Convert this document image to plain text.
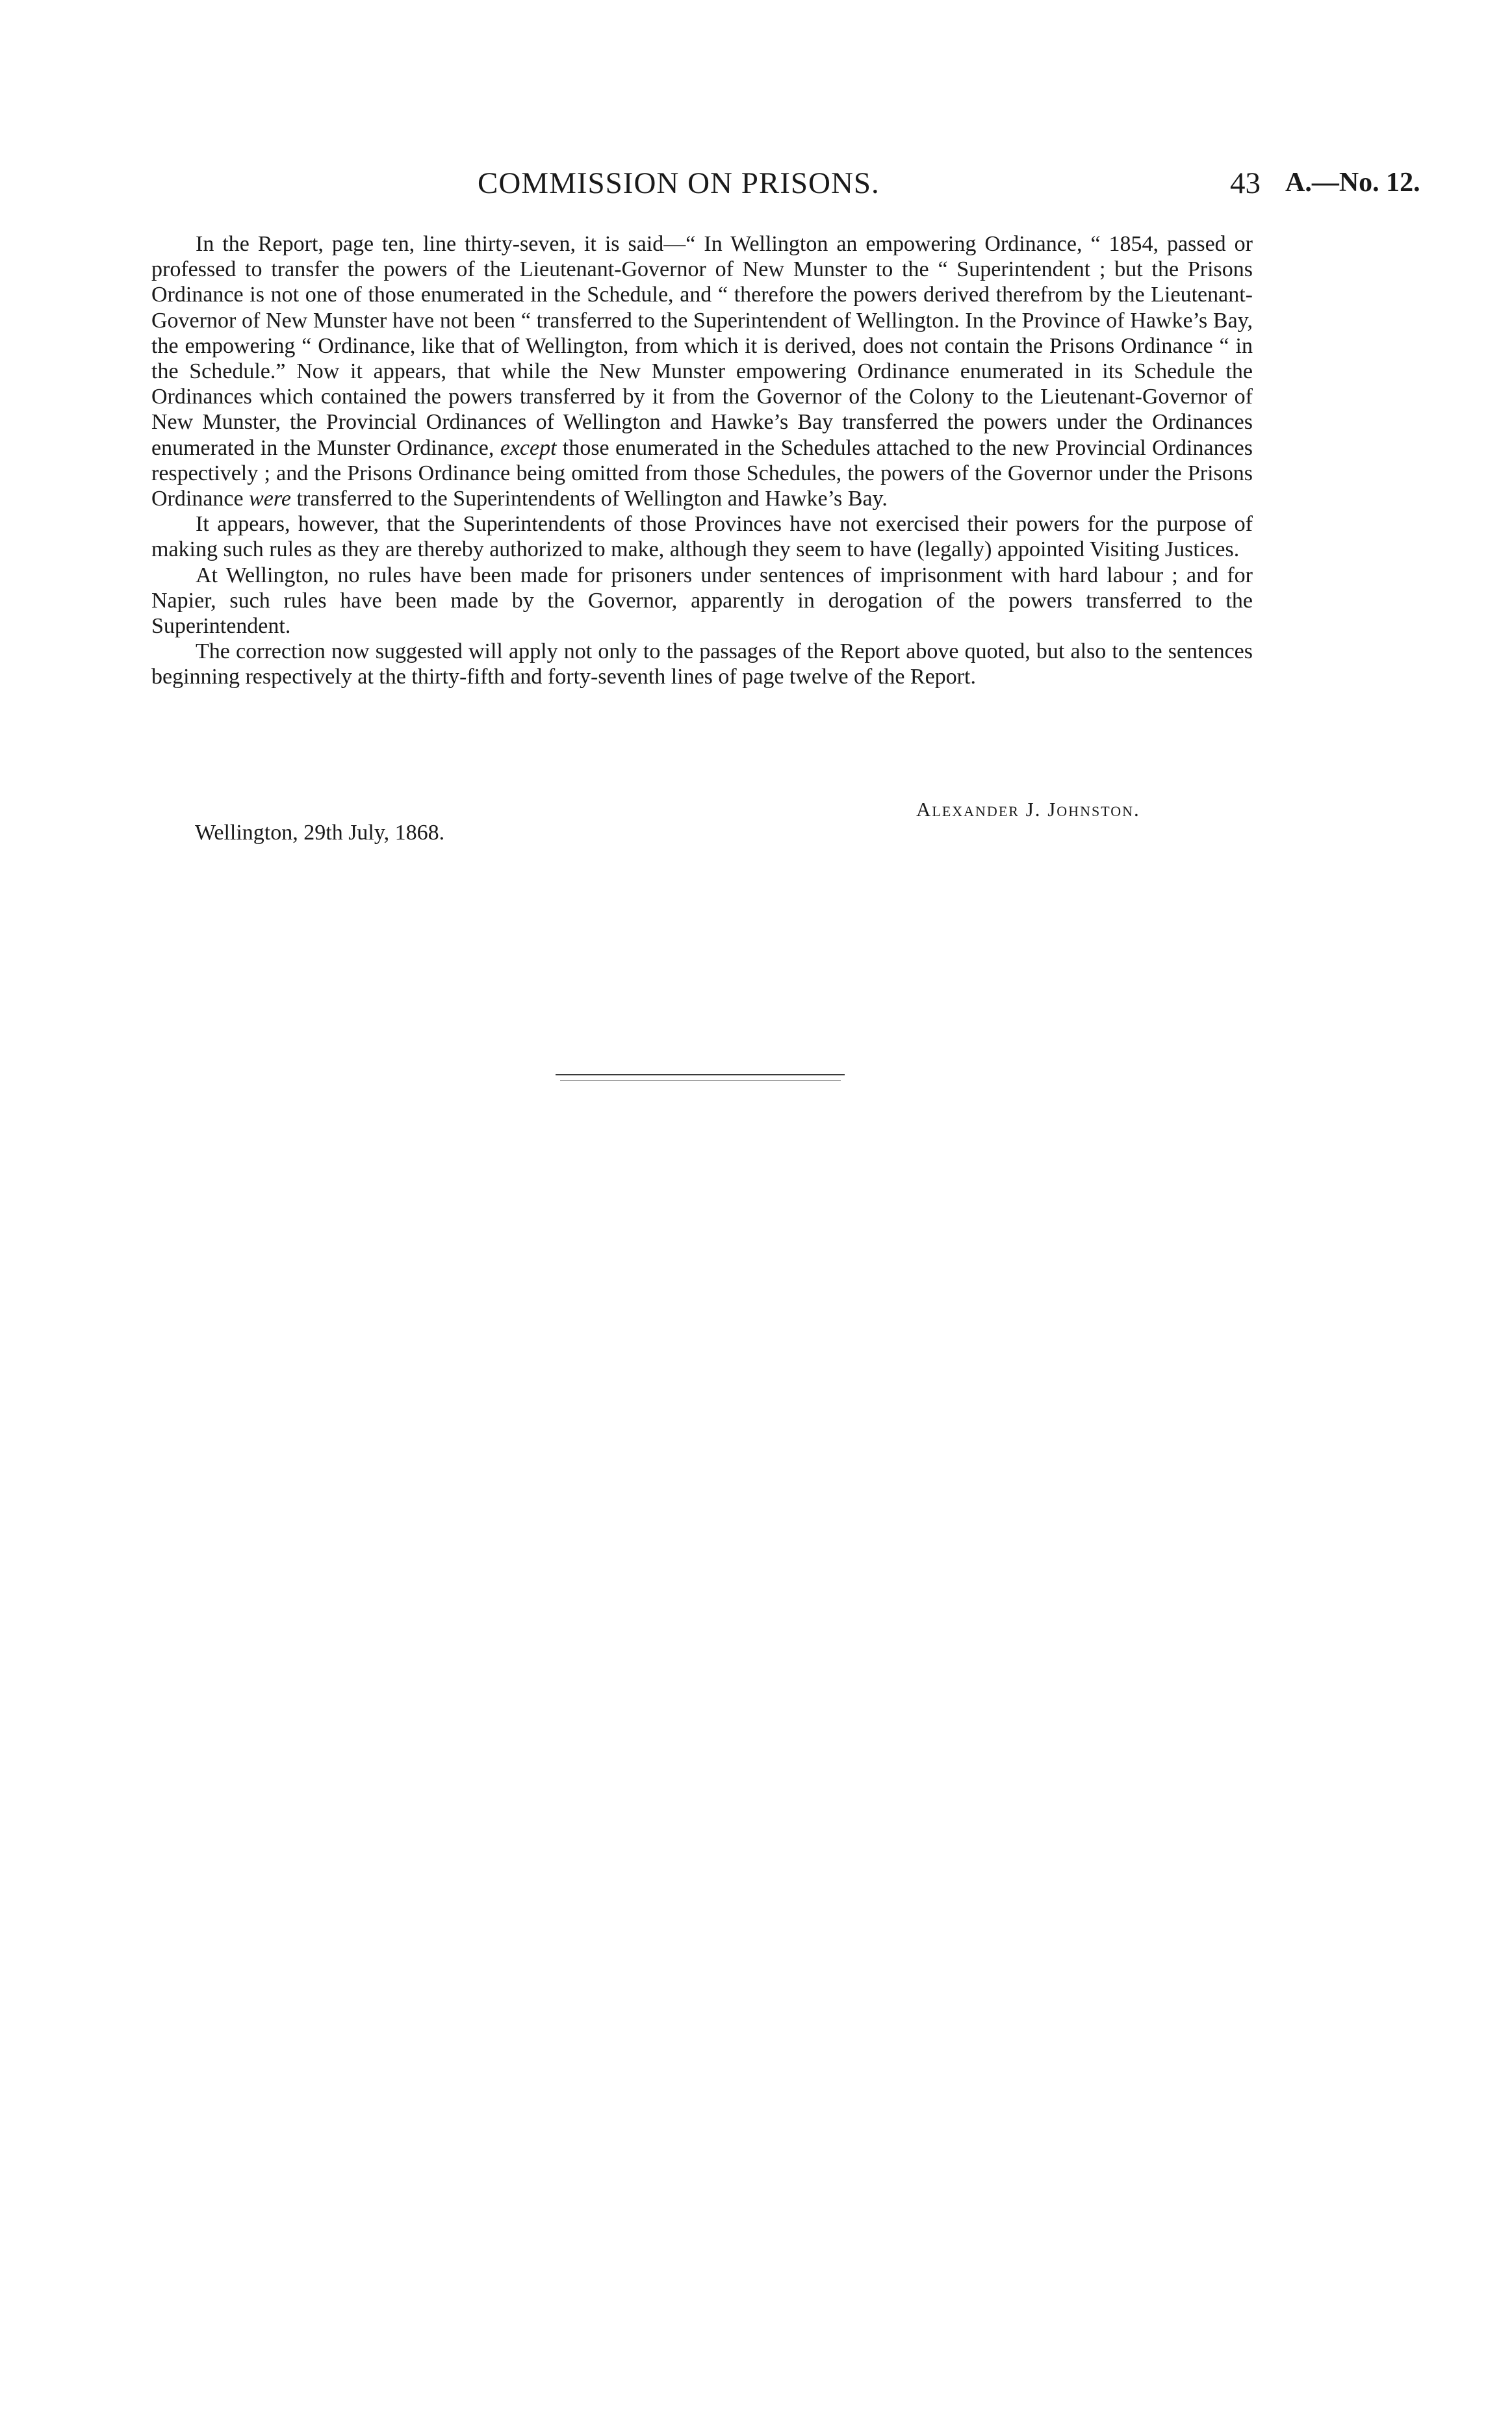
COMMISSION ON PRISONS.	43 A.—No. 12.

In the Report, page ten, line thirty-seven, it is said—“ In Wellington an empowering Ordinance, “ 1854, passed or professed to transfer the powers of the Lieutenant-Governor of New Munster to the “ Superintendent ; but the Prisons Ordinance is not one of those enumerated in the Schedule, and “ therefore the powers derived therefrom by the Lieutenant-Governor of New Munster have not been “ transferred to the Superintendent of Wellington. In the Province of Hawke’s Bay, the empowering “ Ordinance, like that of Wellington, from which it is derived, does not contain the Prisons Ordinance “ in the Schedule.” Now it appears, that while the New Munster empowering Ordinance enumerated in its Schedule the Ordinances which contained the powers transferred by it from the Governor of the Colony to the Lieutenant-Governor of New Munster, the Provincial Ordinances of Wellington and Hawke’s Bay transferred the powers under the Ordinances enumerated in the Munster Ordinance, except those enumerated in the Schedules attached to the new Provincial Ordinances respectively ; and the Prisons Ordinance being omitted from those Schedules, the powers of the Governor under the Prisons Ordinance were transferred to the Superintendents of Wellington and Hawke’s Bay.

It appears, however, that the Superintendents of those Provinces have not exercised their powers for the purpose of making such rules as they are thereby authorized to make, although they seem to have (legally) appointed Visiting Justices.

At Wellington, no rules have been made for prisoners under sentences of imprisonment with hard labour ; and for Napier, such rules have been made by the Governor, apparently in derogation of the powers transferred to the Superintendent.

The correction now suggested will apply not only to the passages of the Report above quoted, but also to the sentences beginning respectively at the thirty-fifth and forty-seventh lines of page twelve of the Report.

Alexander J. Johnston.
Wellington, 29th July, 1868.
